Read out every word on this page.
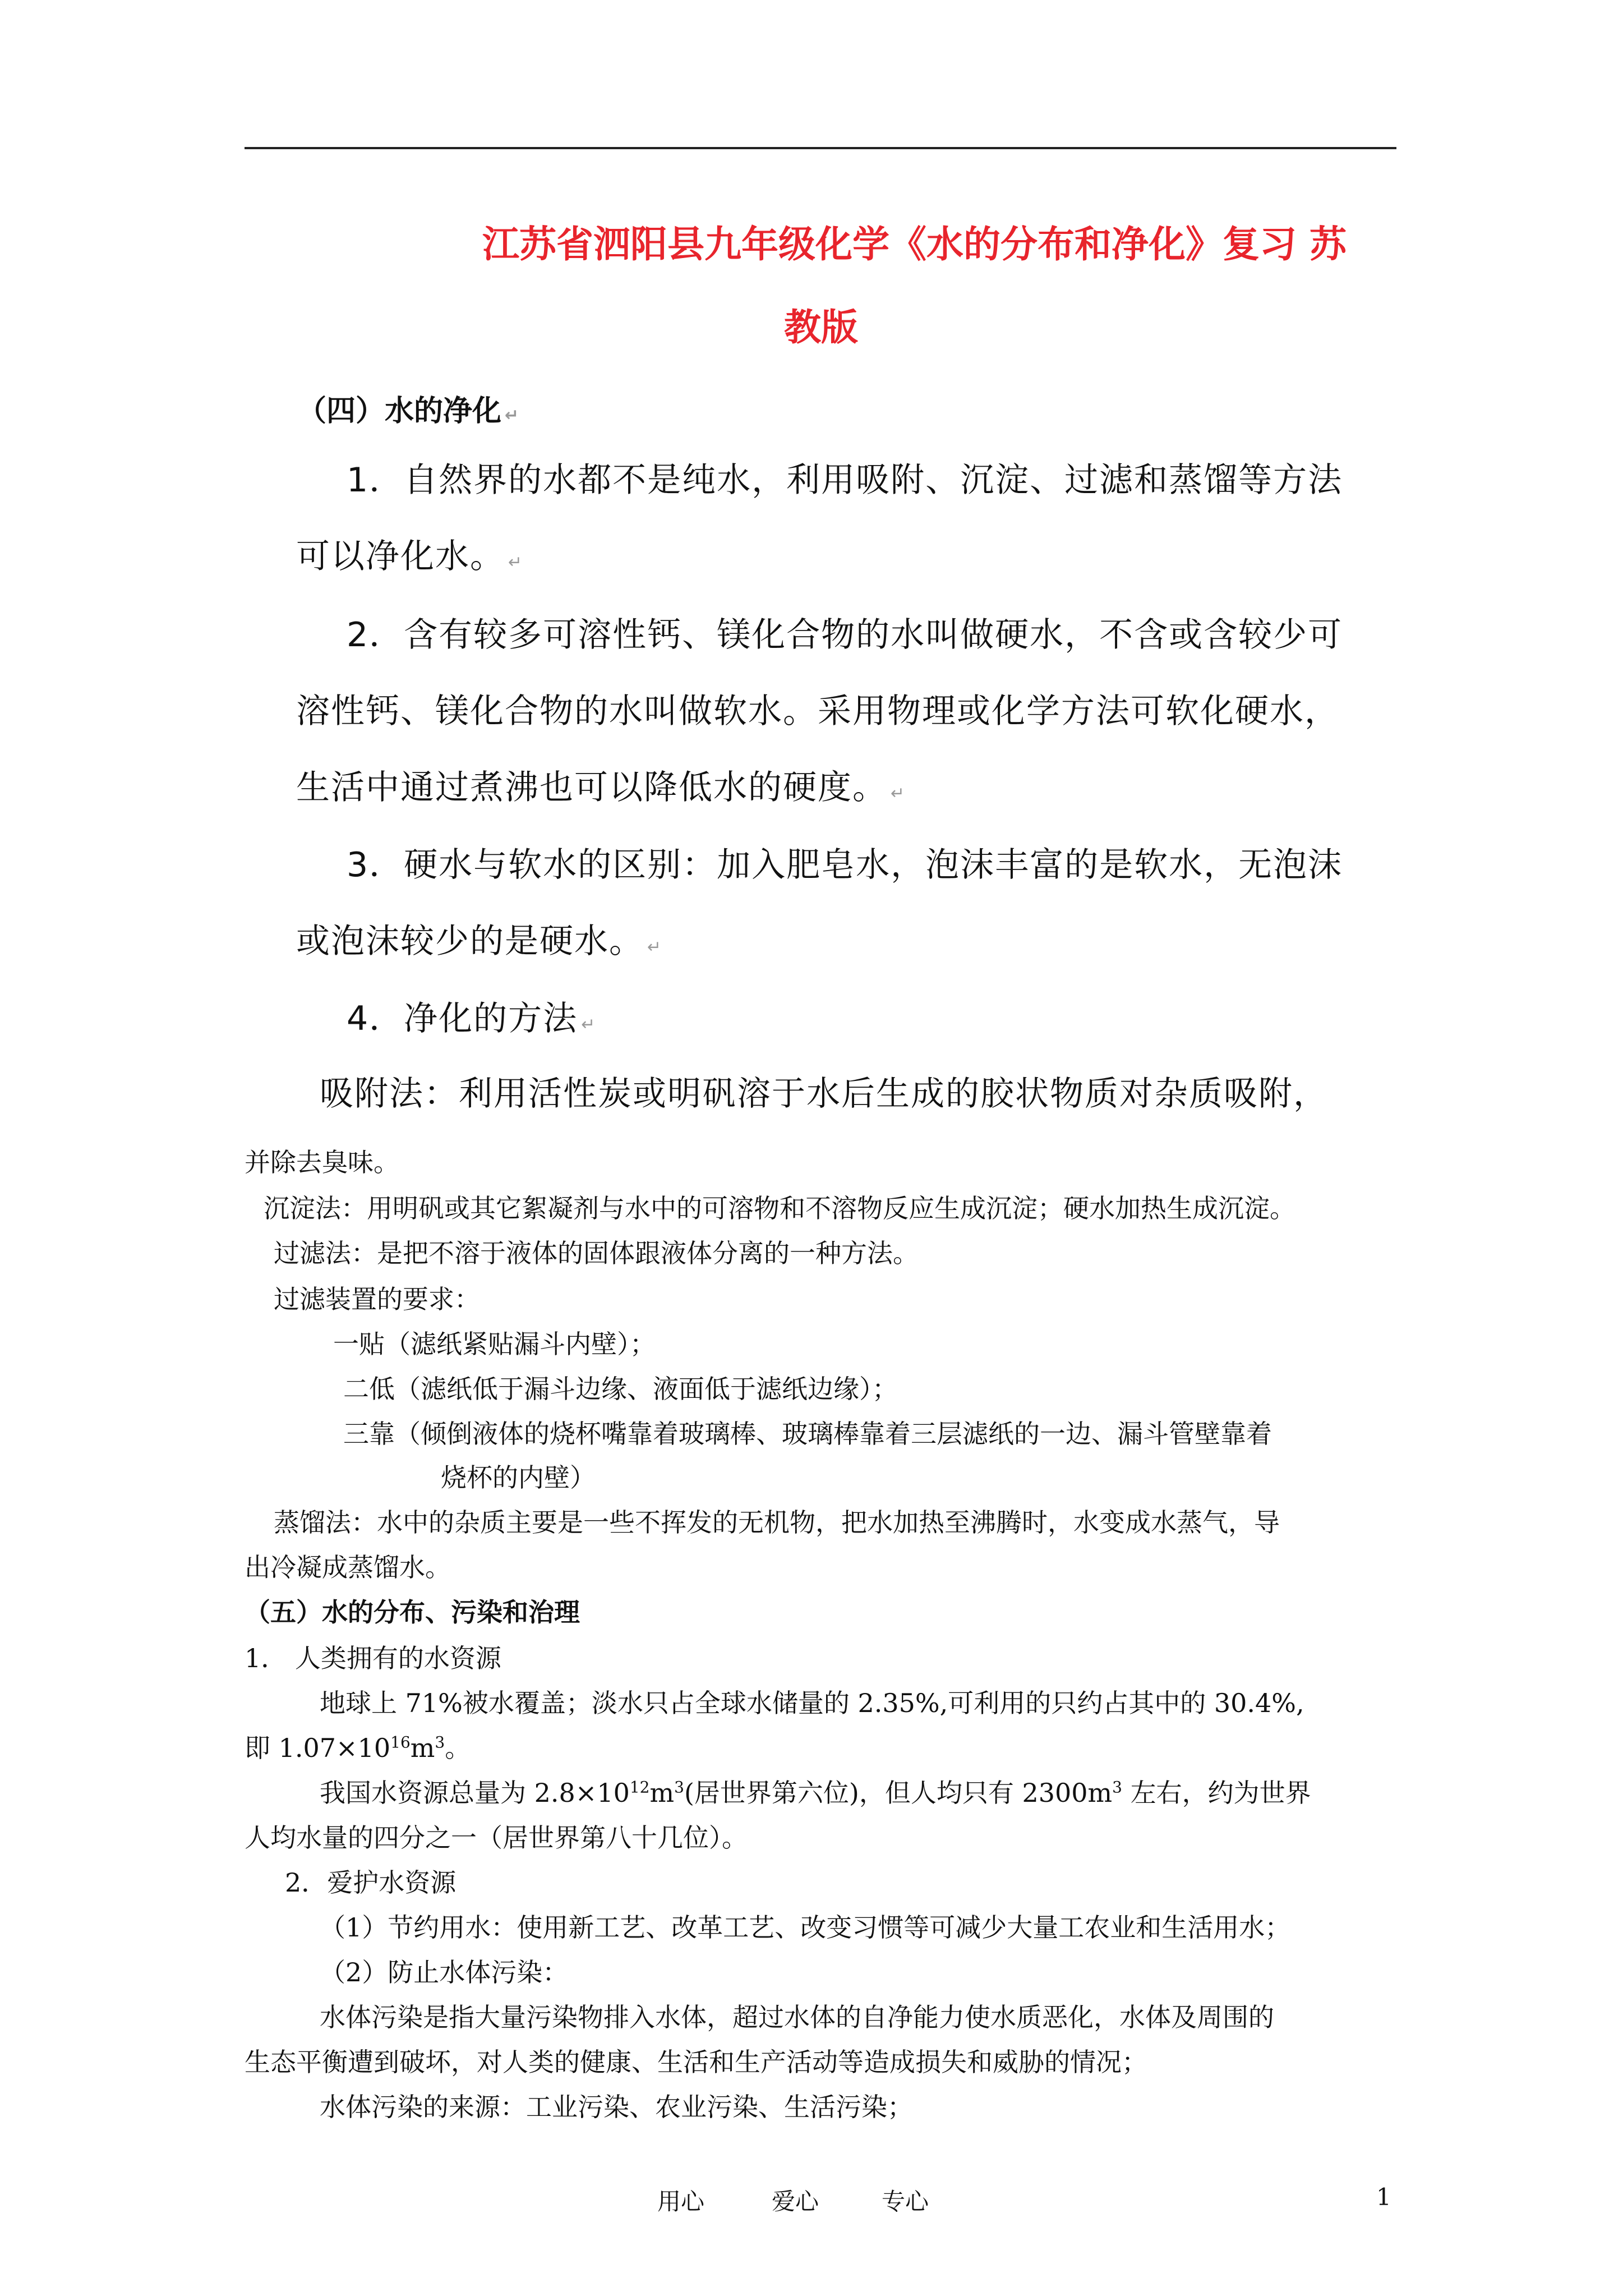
江苏省泗阳县九年级化学《水的分布和净化》复习 苏
教版
（四）水的净化 ↵
1．自然界的水都不是纯水，利用吸附、沉淀、过滤和蒸馏等方法
可以净化水。 ↵
2．含有较多可溶性钙、镁化合物的水叫做硬水，不含或含较少可
溶性钙、镁化合物的水叫做软水。采用物理或化学方法可软化硬水，
生活中通过煮沸也可以降低水的硬度。 ↵
3．硬水与软水的区别：加入肥皂水，泡沫丰富的是软水，无泡沫
或泡沫较少的是硬水。 ↵
4．净化的方法 ↵
吸附法：利用活性炭或明矾溶于水后生成的胶状物质对杂质吸附，
并除去臭味。
沉淀法：用明矾或其它絮凝剂与水中的可溶物和不溶物反应生成沉淀；硬水加热生成沉淀。
过滤法：是把不溶于液体的固体跟液体分离的一种方法。
过滤装置的要求：
一贴（滤纸紧贴漏斗内壁）；
二低（滤纸低于漏斗边缘、液面低于滤纸边缘）；
三靠（倾倒液体的烧杯嘴靠着玻璃棒、玻璃棒靠着三层滤纸的一边、漏斗管壁靠着
烧杯的内壁）
蒸馏法：水中的杂质主要是一些不挥发的无机物，把水加热至沸腾时，水变成水蒸气，导
出冷凝成蒸馏水。
（五）水的分布、污染和治理
1． 人类拥有的水资源
地球上 71%被水覆盖；淡水只占全球水储量的 2.35%,可利用的只约占其中的 30.4%,
即 $1.07\times 10^{16}m^3$。
我国水资源总量为 $2.8\times 10^{12}m^3$(居世界第六位)，但人均只有 $2300m^3$ 左右，约为世界
人均水量的四分之一（居世界第八十几位）。
2．爱护水资源
（1）节约用水：使用新工艺、改革工艺、改变习惯等可减少大量工农业和生活用水；
（2）防止水体污染：
水体污染是指大量污染物排入水体，超过水体的自净能力使水质恶化，水体及周围的
生态平衡遭到破坏，对人类的健康、生活和生产活动等造成损失和威胁的情况；
水体污染的来源：工业污染、农业污染、生活污染；
用心	爱心	专心	1
